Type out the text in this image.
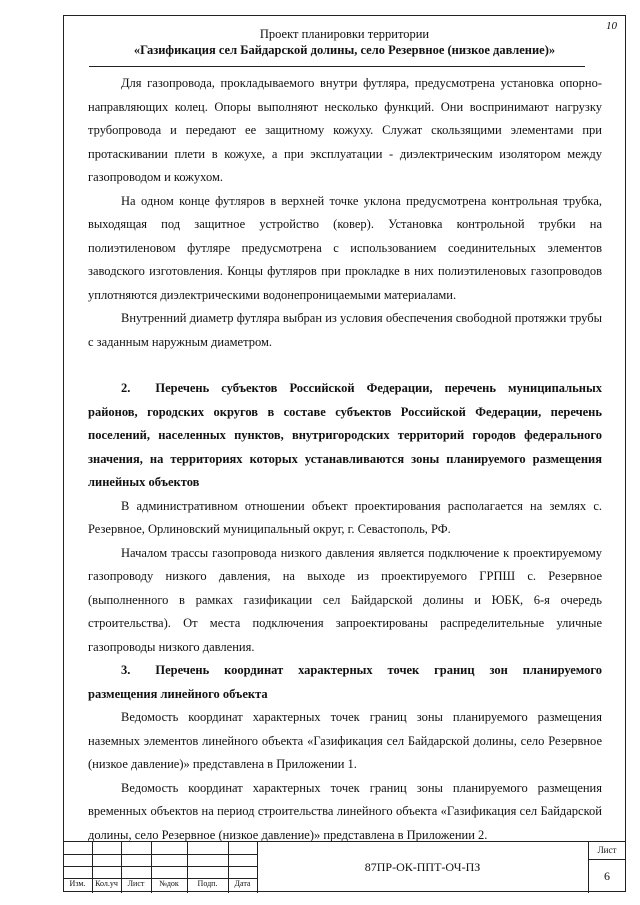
10
Проект планировки территории
«Газификация сел Байдарской долины, село Резервное (низкое давление)»

Для газопровода, прокладываемого внутри футляра, предусмотрена установка опорно-направляющих колец. Опоры выполняют несколько функций. Они воспринимают нагрузку трубопровода и передают ее защитному кожуху. Служат скользящими элементами при протаскивании плети в кожухе, а при эксплуатации - диэлектрическим изолятором между газопроводом и кожухом.

На одном конце футляров в верхней точке уклона предусмотрена контрольная трубка, выходящая под защитное устройство (ковер). Установка контрольной трубки на полиэтиленовом футляре предусмотрена с использованием соединительных элементов заводского изготовления. Концы футляров при прокладке в них полиэтиленовых газопроводов уплотняются диэлектрическими водонепроницаемыми материалами.

Внутренний диаметр футляра выбран из условия обеспечения свободной протяжки трубы с заданным наружным диаметром.

2.  Перечень субъектов Российской Федерации, перечень муниципальных районов, городских округов в составе субъектов Российской Федерации, перечень поселений, населенных пунктов, внутригородских территорий городов федерального значения, на территориях которых устанавливаются зоны планируемого размещения линейных объектов

В административном отношении объект проектирования располагается на землях с. Резервное, Орлиновский муниципальный округ, г. Севастополь, РФ.

Началом трассы газопровода низкого давления является подключение к проектируемому газопроводу низкого давления, на выходе из проектируемого ГРПШ с. Резервное (выполненного в рамках газификации сел Байдарской долины и ЮБК, 6-я очередь строительства). От места подключения запроектированы распределительные уличные газопроводы низкого давления.

3.  Перечень координат характерных точек границ зон планируемого размещения линейного объекта

Ведомость координат характерных точек границ зоны планируемого размещения наземных элементов линейного объекта «Газификация сел Байдарской долины, село Резервное (низкое давление)» представлена в Приложении 1.

Ведомость координат характерных точек границ зоны планируемого размещения временных объектов на период строительства линейного объекта «Газификация сел Байдарской долины, село Резервное (низкое давление)» представлена в Приложении 2.

Изм.	Кол.уч	Лист	№док	Подп.	Дата
87ПР-ОК-ППТ-ОЧ-ПЗ
Лист
6
